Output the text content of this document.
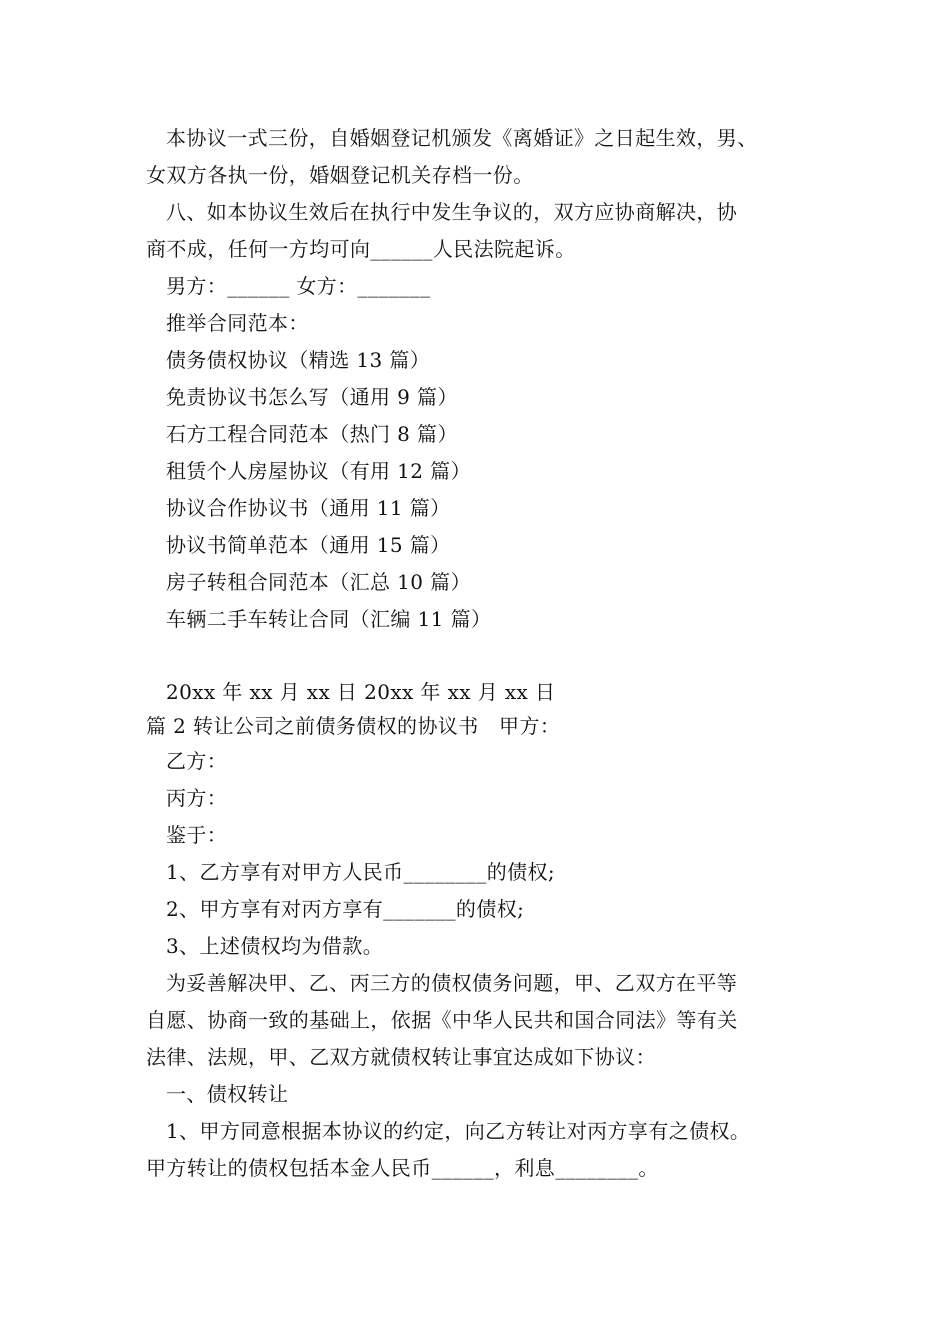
本协议一式三份，自婚姻登记机颁发《离婚证》之日起生效，男、
女双方各执一份，婚姻登记机关存档一份。
八、如本协议生效后在执行中发生争议的，双方应协商解决，协
商不成，任何一方均可向______人民法院起诉。
男方：______ 女方：_______
推举合同范本：
债务债权协议（精选 13 篇）
免责协议书怎么写（通用 9 篇）
石方工程合同范本（热门 8 篇）
租赁个人房屋协议（有用 12 篇）
协议合作协议书（通用 11 篇）
协议书简单范本（通用 15 篇）
房子转租合同范本（汇总 10 篇）
车辆二手车转让合同（汇编 11 篇）
20xx 年 xx 月 xx 日 20xx 年 xx 月 xx 日
篇 2 转让公司之前债务债权的协议书　甲方：
乙方：
丙方：
鉴于：
1、乙方享有对甲方人民币________的债权;
2、甲方享有对丙方享有_______的债权;
3、上述债权均为借款。
为妥善解决甲、乙、丙三方的债权债务问题，甲、乙双方在平等
自愿、协商一致的基础上，依据《中华人民共和国合同法》等有关
法律、法规，甲、乙双方就债权转让事宜达成如下协议：
一、债权转让
1、甲方同意根据本协议的约定，向乙方转让对丙方享有之债权。
甲方转让的债权包括本金人民币______，利息________。
